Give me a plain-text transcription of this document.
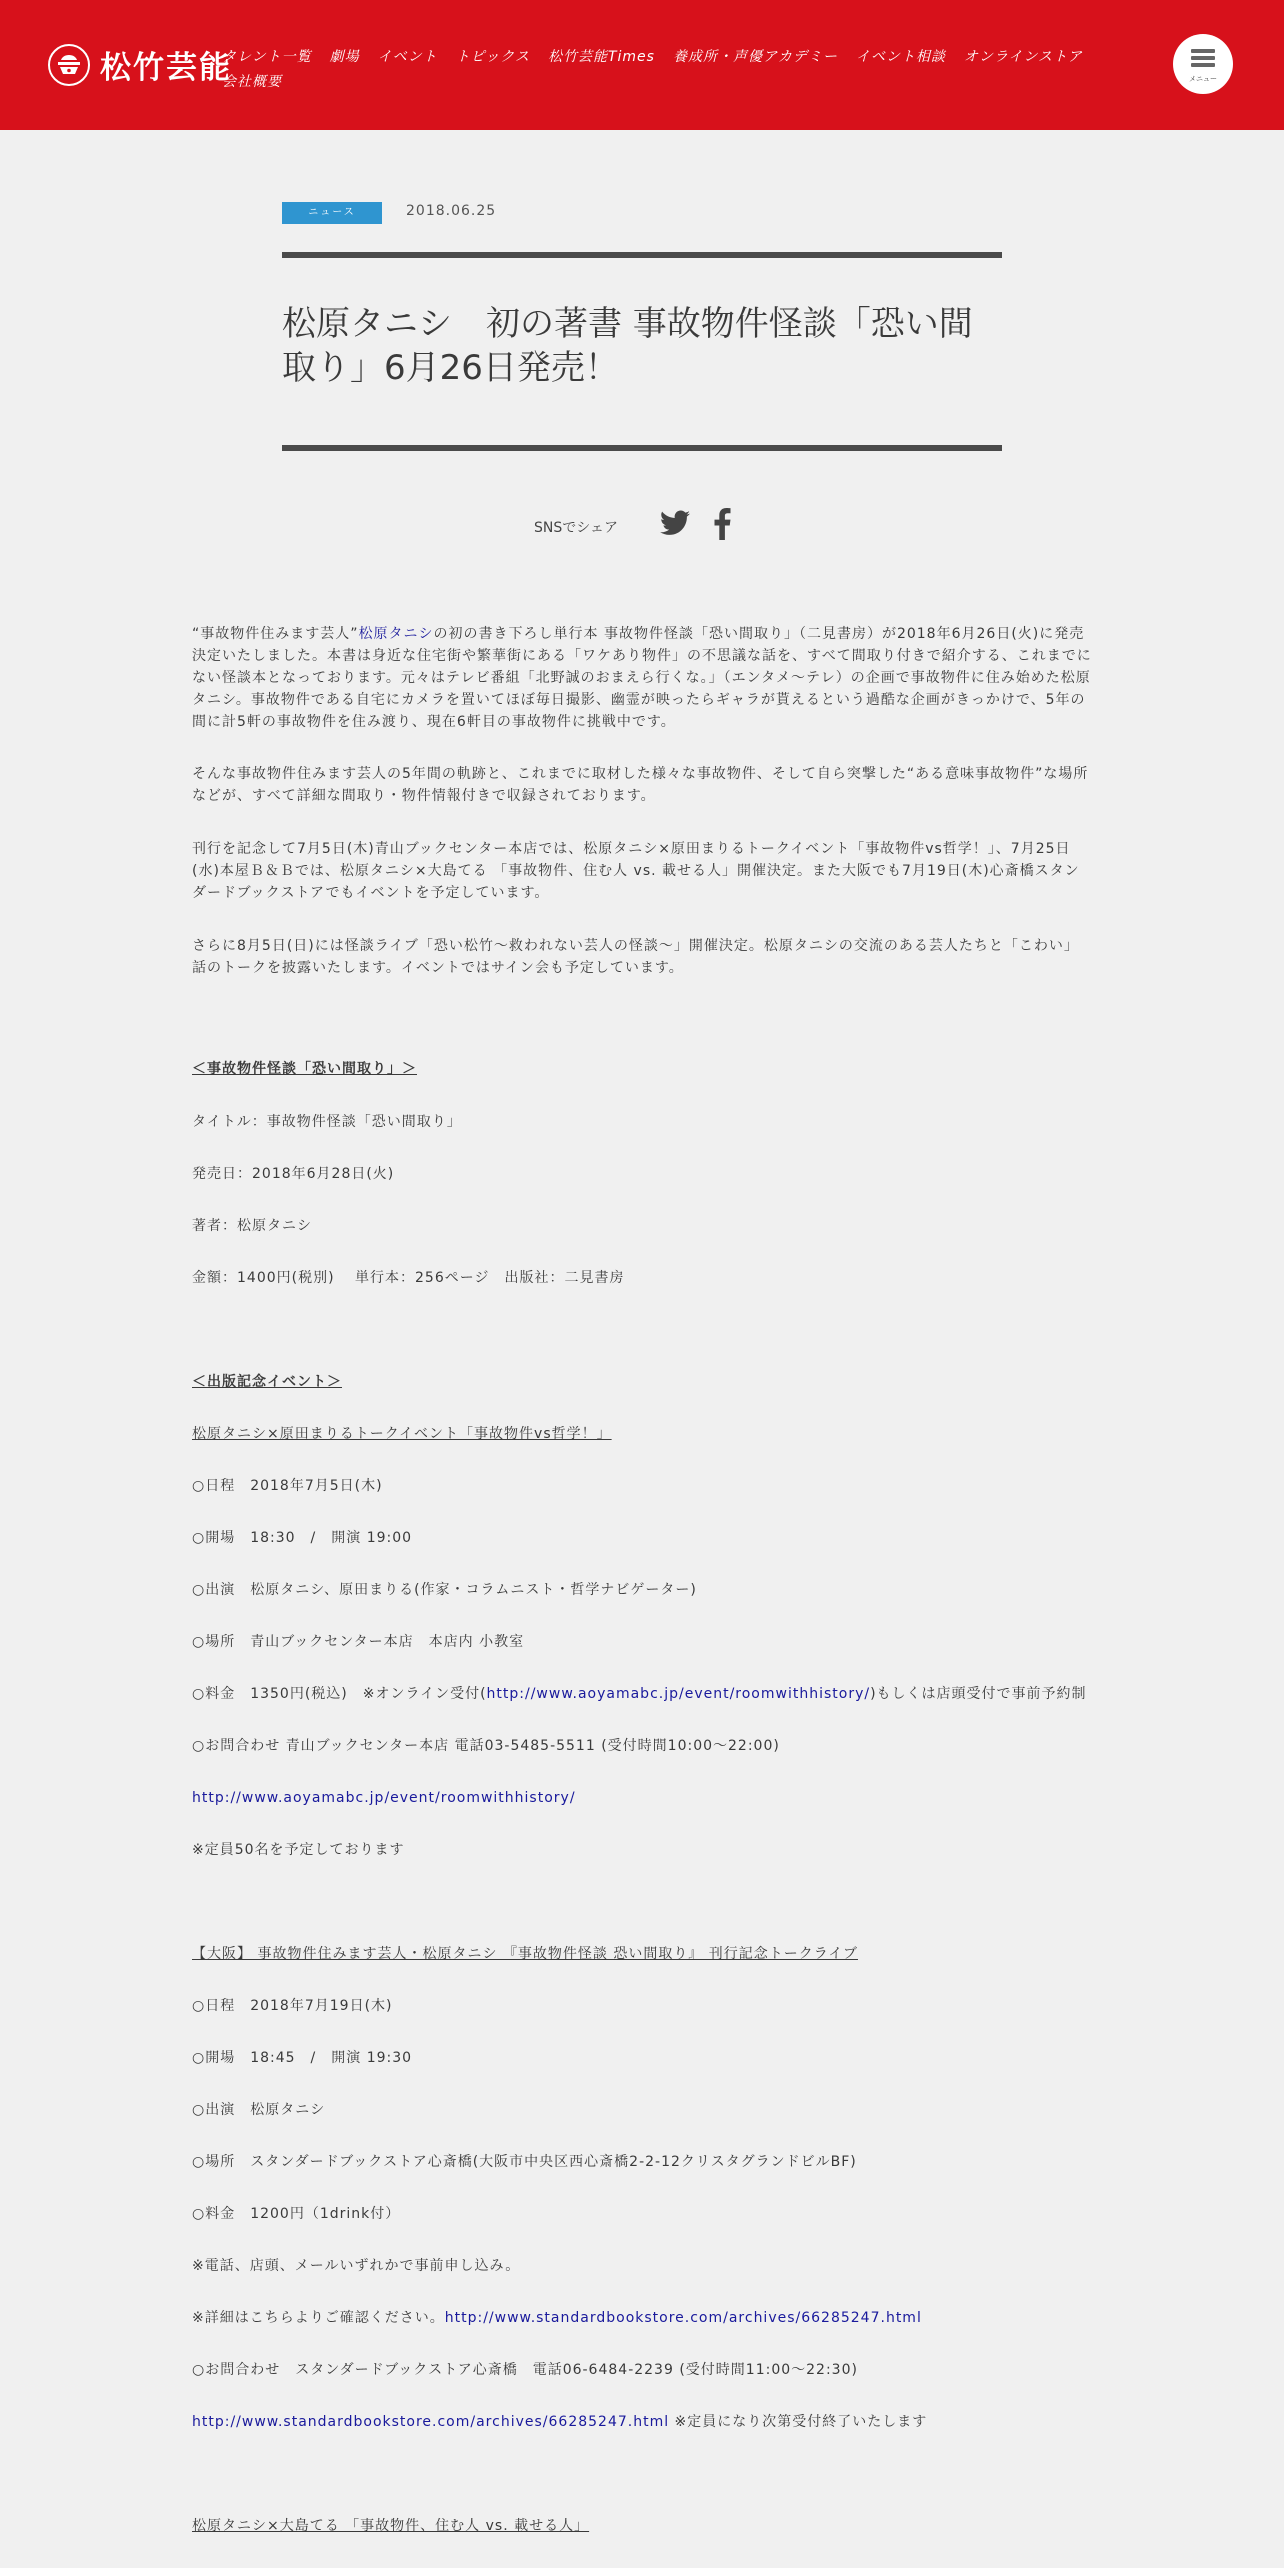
松竹芸能
タレント一覧 劇場 イベント トピックス 松竹芸能Times 養成所・声優アカデミー イベント相談 オンラインストア会社概要	メニュー
ニュース	2018.06.25
松原タニシ　初の著書 事故物件怪談「恐い間取り」6月26日発売！
SNSでシェア

“事故物件住みます芸人”松原タニシの初の書き下ろし単行本 事故物件怪談「恐い間取り」（二見書房）が2018年6月26日(火)に発売決定いたしました。本書は身近な住宅街や繁華街にある「ワケあり物件」の不思議な話を、すべて間取り付きで紹介する、これまでにない怪談本となっております。元々はテレビ番組「北野誠のおまえら行くな。」（エンタメ〜テレ）の企画で事故物件に住み始めた松原タニシ。事故物件である自宅にカメラを置いてほぼ毎日撮影、幽霊が映ったらギャラが貰えるという過酷な企画がきっかけで、5年の間に計5軒の事故物件を住み渡り、現在6軒目の事故物件に挑戦中です。

そんな事故物件住みます芸人の5年間の軌跡と、これまでに取材した様々な事故物件、そして自ら突撃した“ある意味事故物件”な場所などが、すべて詳細な間取り・物件情報付きで収録されております。

刊行を記念して7月5日(木)青山ブックセンター本店では、松原タニシ×原田まりるトークイベント「事故物件vs哲学！」、7月25日(水)本屋Ｂ＆Ｂでは、松原タニシ×大島てる 「事故物件、住む人 vs. 載せる人」開催決定。また大阪でも7月19日(木)心斎橋スタンダードブックストアでもイベントを予定しています。

さらに8月5日(日)には怪談ライブ「恐い松竹～救われない芸人の怪談～」開催決定。松原タニシの交流のある芸人たちと「こわい」話のトークを披露いたします。イベントではサイン会も予定しています。

＜事故物件怪談「恐い間取り」＞

タイトル：事故物件怪談「恐い間取り」

発売日：2018年6月28日(火)

著者：松原タニシ

金額：1400円(税別)　 単行本：256ページ　出版社：二見書房

＜出版記念イベント＞

松原タニシ×原田まりるトークイベント「事故物件vs哲学！」

○日程　2018年7月5日(木)

○開場　18:30　/　開演 19:00

○出演　松原タニシ、原田まりる(作家・コラムニスト・哲学ナビゲーター)

○場所　青山ブックセンター本店　本店内 小教室

○料金　1350円(税込)　※オンライン受付(http://www.aoyamabc.jp/event/roomwithhistory/)もしくは店頭受付で事前予約制

○お問合わせ 青山ブックセンター本店 電話03-5485-5511 (受付時間10:00～22:00)

http://www.aoyamabc.jp/event/roomwithhistory/

※定員50名を予定しております

【大阪】 事故物件住みます芸人・松原タニシ 『事故物件怪談 恐い間取り』 刊行記念トークライブ

○日程　2018年7月19日(木)

○開場　18:45　/　開演 19:30

○出演　松原タニシ

○場所　スタンダードブックストア心斎橋(大阪市中央区西心斎橋2-2-12クリスタグランドビルBF)

○料金　1200円（1drink付）

※電話、店頭、メールいずれかで事前申し込み。

※詳細はこちらよりご確認ください。http://www.standardbookstore.com/archives/66285247.html

○お問合わせ　スタンダードブックストア心斎橋　電話06-6484-2239 (受付時間11:00〜22:30)

http://www.standardbookstore.com/archives/66285247.html ※定員になり次第受付終了いたします

松原タニシ×大島てる 「事故物件、住む人 vs. 載せる人」
